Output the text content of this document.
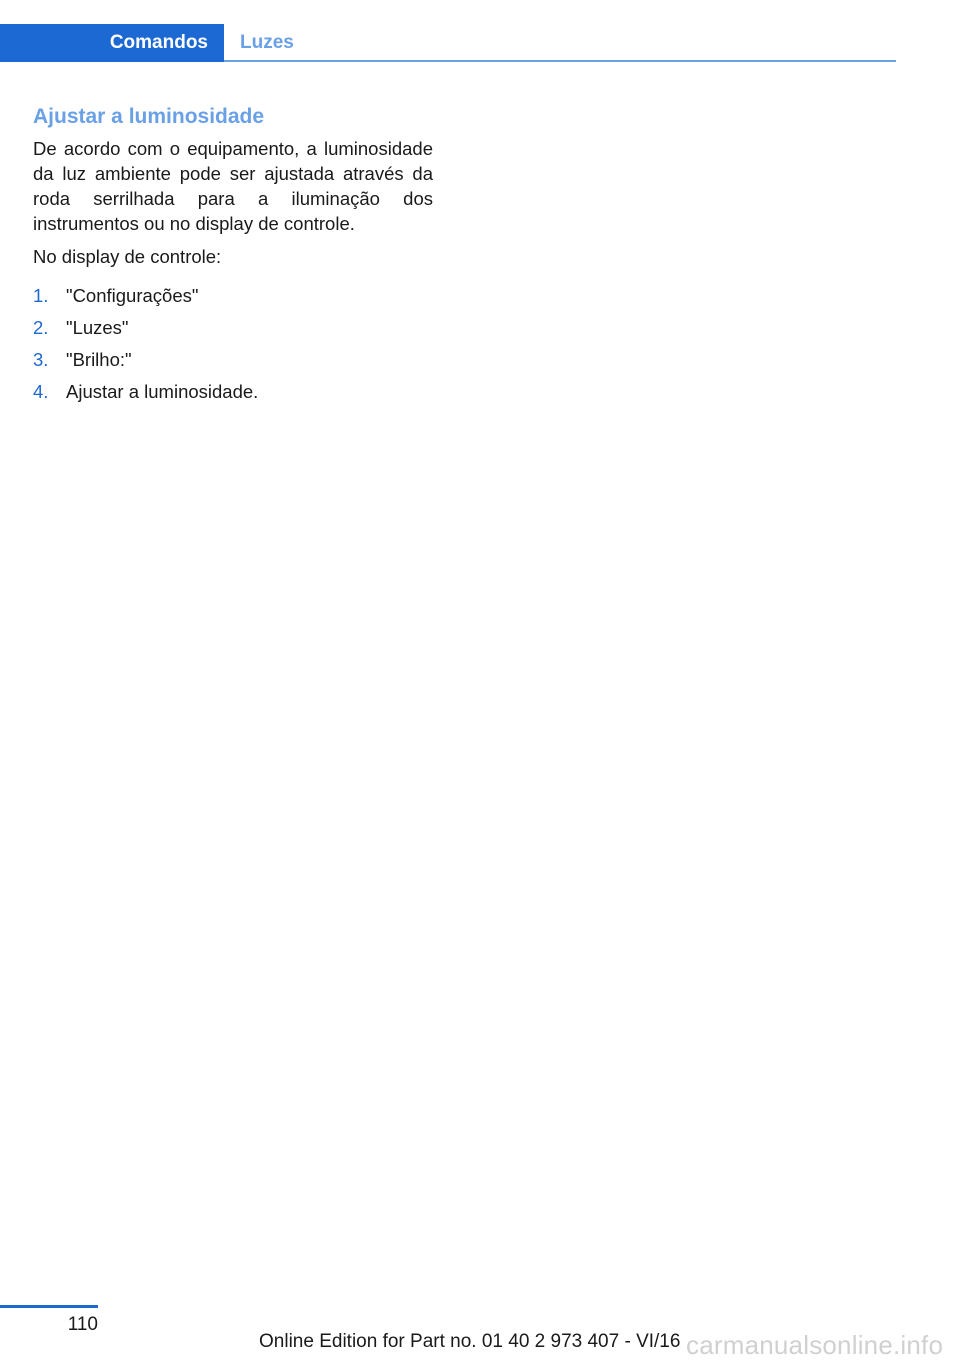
Comandos Luzes
Ajustar a luminosidade

De acordo com o equipamento, a luminosidade da luz ambiente pode ser ajustada através da roda serrilhada para a iluminação dos instrumentos ou no display de controle.

No display de controle:

1. "Configurações"
2. "Luzes"
3. "Brilho:"
4. Ajustar a luminosidade.
110
Online Edition for Part no. 01 40 2 973 407 - VI/16 carmanualsonline.info
